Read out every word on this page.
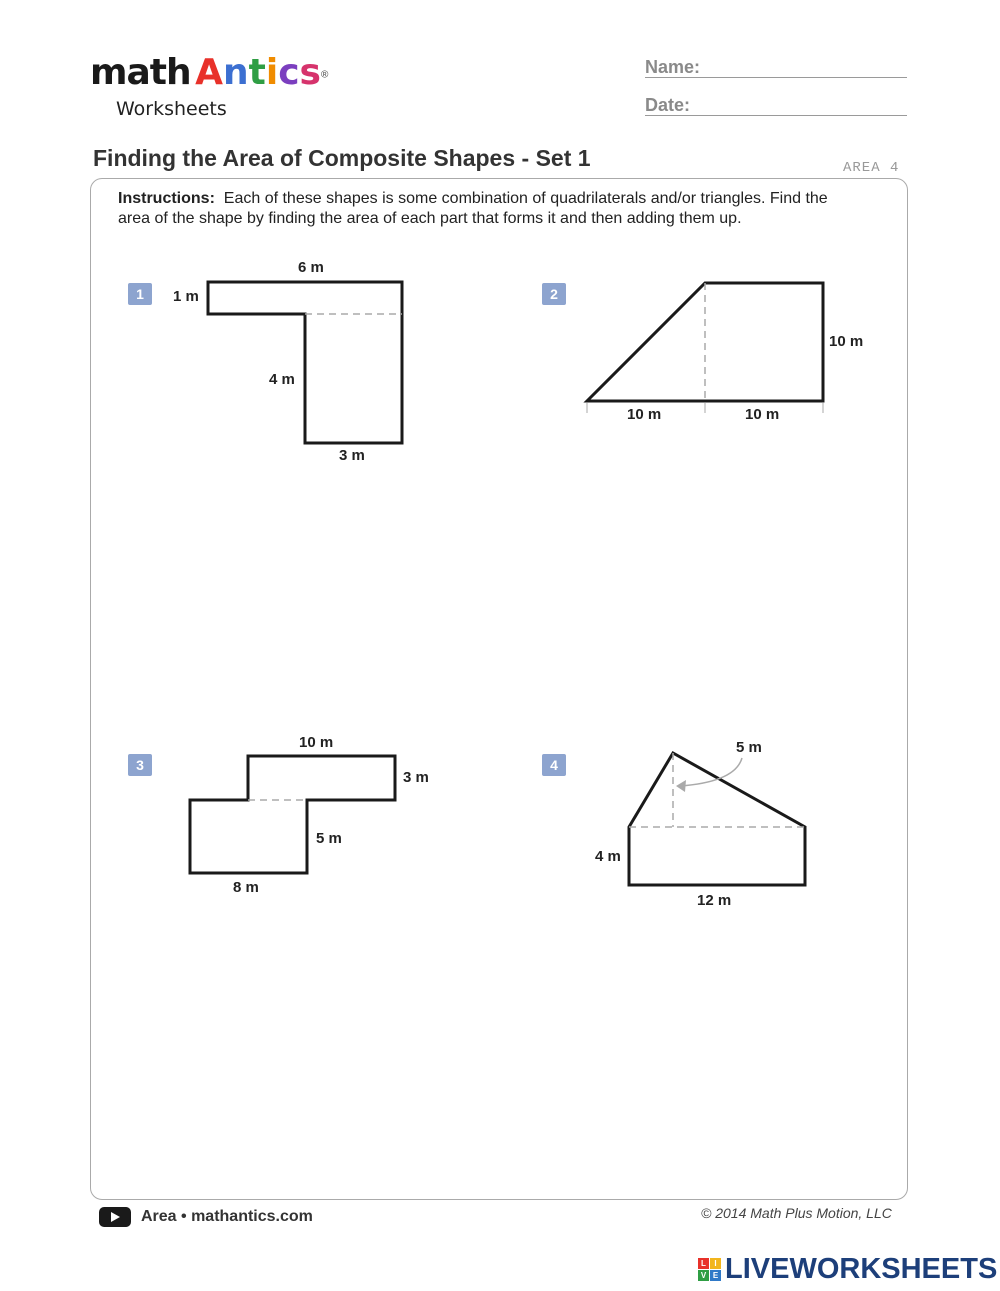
math Antics®
Worksheets
Name:
Date:
Finding the Area of Composite Shapes - Set 1	AREA 4
Instructions: Each of these shapes is some combination of quadrilaterals and/or triangles. Find the area of the shape by finding the area of each part that forms it and then adding them up.
1	2
3	4
6 m
1 m
4 m
3 m
10 m
10 m	10 m
10 m
3 m
5 m
8 m
5 m
4 m
12 m
Area • mathantics.com	© 2014 Math Plus Motion, LLC
L	I
V E LIVEWORKSHEETS
